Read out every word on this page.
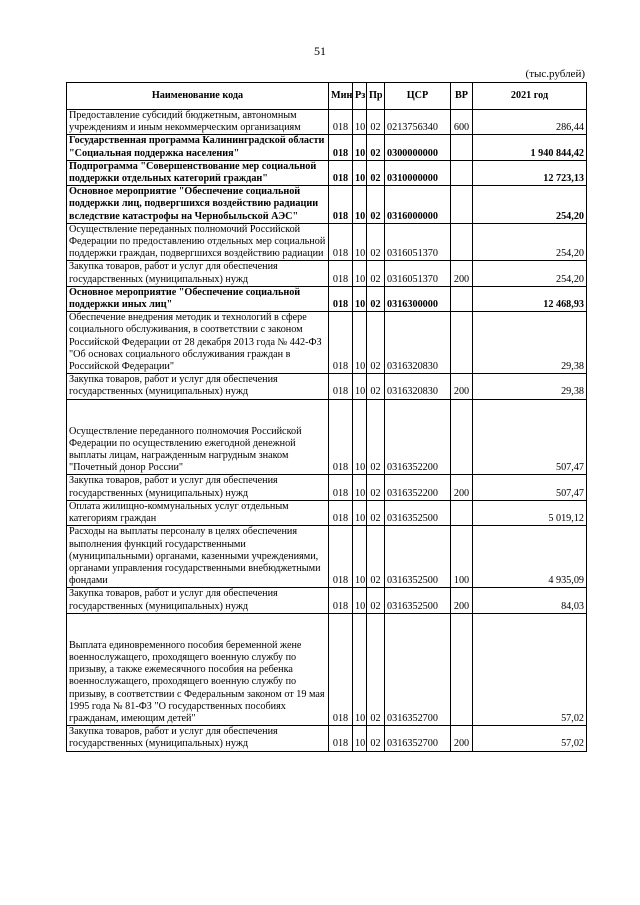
51
(тыс.рублей)
Наименование кода	Мин	Рз	Пр	ЦСР	ВР	2021 год
Предоставление субсидий бюджетным, автономным учреждениям и иным некоммерческим организациям	018	10	02	0213756340	600	286,44
Государственная программа Калининградской области "Социальная поддержка населения"	018	10	02	0300000000		1 940 844,42
Подпрограмма "Совершенствование мер социальной поддержки отдельных категорий граждан"	018	10	02	0310000000		12 723,13
Основное мероприятие "Обеспечение социальной поддержки лиц, подвергшихся воздействию радиации вследствие катастрофы на Чернобыльской АЭС"	018	10	02	0316000000		254,20
Осуществление переданных полномочий Российской Федерации по предоставлению отдельных мер социальной поддержки граждан, подвергшихся воздействию радиации	018	10	02	0316051370		254,20
Закупка товаров, работ и услуг для обеспечения государственных (муниципальных) нужд	018	10	02	0316051370	200	254,20
Основное мероприятие "Обеспечение социальной поддержки иных лиц"	018	10	02	0316300000		12 468,93
Обеспечение внедрения методик и технологий в сфере социального обслуживания, в соответствии с законом Российской Федерации от 28 декабря 2013 года № 442-ФЗ "Об основах социального обслуживания граждан в Российской Федерации"	018	10	02	0316320830		29,38
Закупка товаров, работ и услуг для обеспечения государственных (муниципальных) нужд	018	10	02	0316320830	200	29,38
Осуществление переданного полномочия Российской Федерации по осуществлению ежегодной денежной выплаты лицам, награжденным нагрудным знаком "Почетный донор России"	018	10	02	0316352200		507,47
Закупка товаров, работ и услуг для обеспечения государственных (муниципальных) нужд	018	10	02	0316352200	200	507,47
Оплата жилищно-коммунальных услуг отдельным категориям граждан	018	10	02	0316352500		5 019,12
Расходы на выплаты персоналу в целях обеспечения выполнения функций государственными (муниципальными) органами, казенными учреждениями, органами управления государственными внебюджетными фондами	018	10	02	0316352500	100	4 935,09
Закупка товаров, работ и услуг для обеспечения государственных (муниципальных) нужд	018	10	02	0316352500	200	84,03
Выплата единовременного пособия беременной жене военнослужащего, проходящего военную службу по призыву, а также ежемесячного пособия на ребенка военнослужащего, проходящего военную службу по призыву, в соответствии с Федеральным законом от 19 мая 1995 года № 81-ФЗ "О государственных пособиях гражданам, имеющим детей"	018	10	02	0316352700		57,02
Закупка товаров, работ и услуг для обеспечения государственных (муниципальных) нужд	018	10	02	0316352700	200	57,02
